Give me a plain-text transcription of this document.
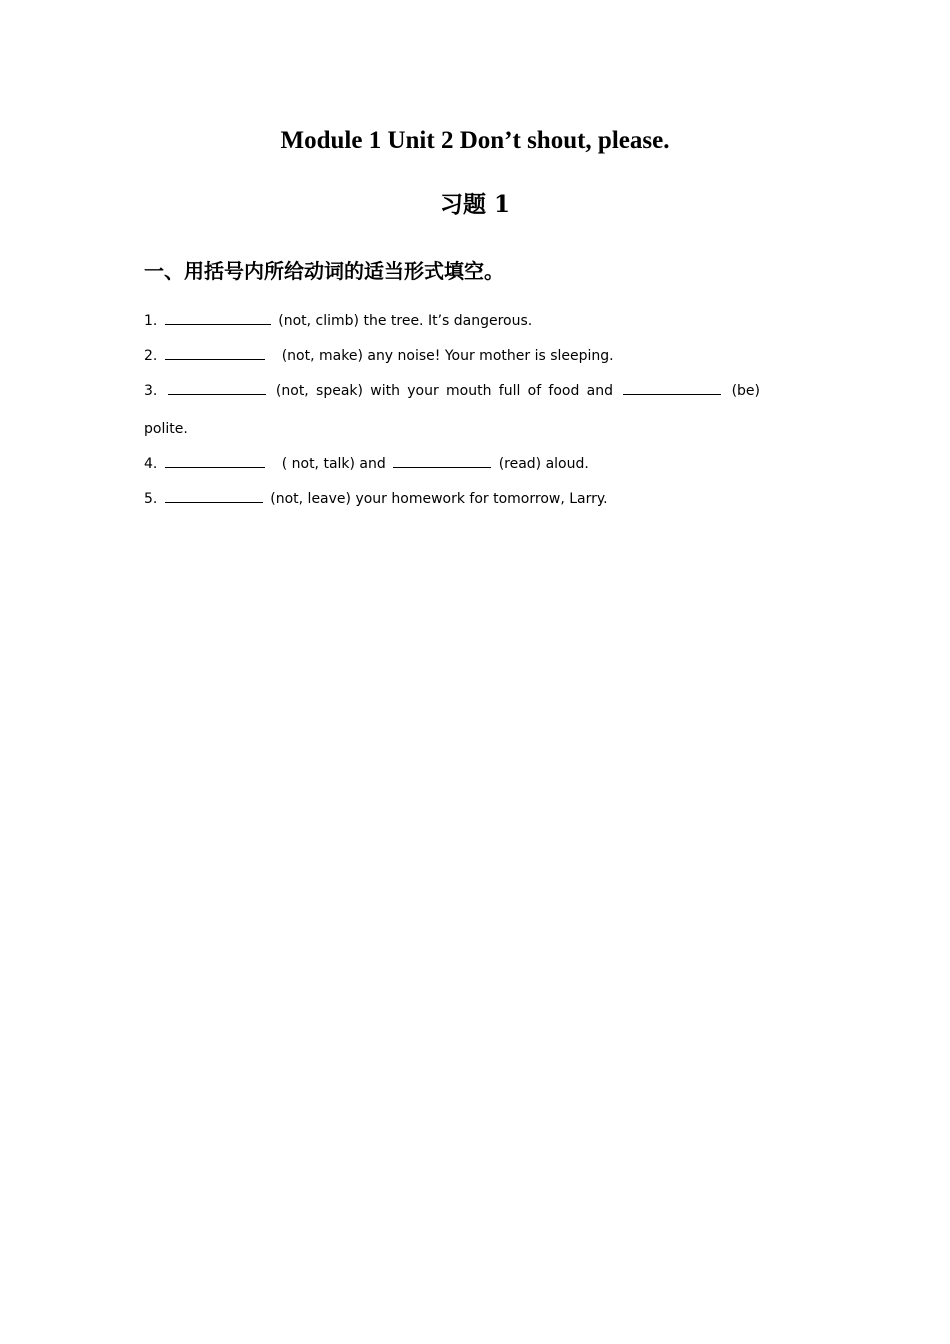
Module 1 Unit 2 Don’t shout, please.
习题 1
一、用括号内所给动词的适当形式填空。
1.	(not, climb) the tree. It’s dangerous.
2.	(not, make) any noise! Your mother is sleeping.
3.	(not, speak) with your mouth full of food and	(be)
polite.
4.	( not, talk) and	(read) aloud.
5.	(not, leave) your homework for tomorrow, Larry.
